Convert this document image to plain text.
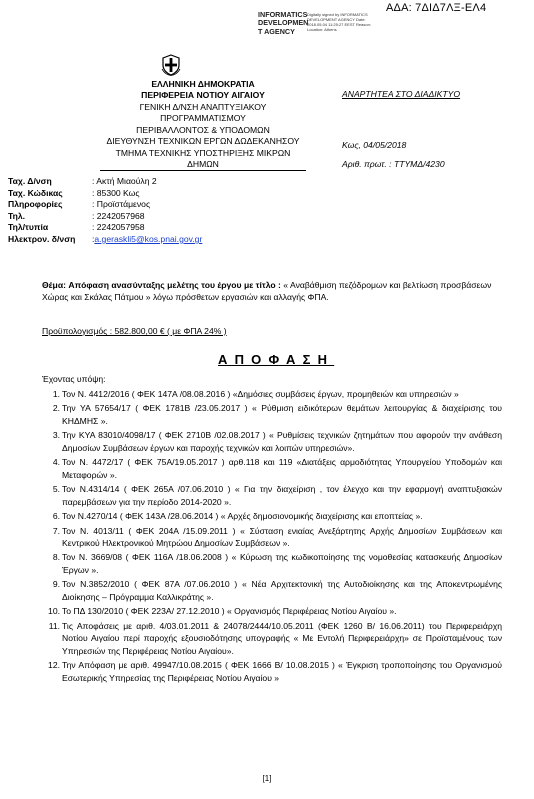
ΑΔΑ: 7ΔΙΔ7ΛΞ-ΕΛ4
INFORMATICS DEVELOPMEN T AGENCY
Digitally signed by INFORMATICS DEVELOPMENT AGENCY Date: 2018.05.04 11:25:27 EEST Reason: Location: Athens
ΕΛΛΗΝΙΚΗ ΔΗΜΟΚΡΑΤΙΑ
ΠΕΡΙΦΕΡΕΙΑ ΝΟΤΙΟΥ ΑΙΓΑΙΟΥ
ΓΕΝΙΚΗ Δ/ΝΣΗ ΑΝΑΠΤΥΞΙΑΚΟΥ ΠΡΟΓΡΑΜΜΑΤΙΣΜΟΥ
ΠΕΡΙΒΑΛΛΟΝΤΟΣ & ΥΠΟΔΟΜΩΝ
ΔΙΕΥΘΥΝΣΗ ΤΕΧΝΙΚΩΝ ΕΡΓΩΝ ΔΩΔΕΚΑΝΗΣΟΥ
ΤΜΗΜΑ ΤΕΧΝΙΚΗΣ ΥΠΟΣΤΗΡΙΞΗΣ ΜΙΚΡΩΝ ΔΗΜΩΝ
ΑΝΑΡΤΗΤΕΑ ΣΤΟ ΔΙΑΔΙΚΤΥΟ
Κως, 04/05/2018
Αριθ. πρωτ. : ΤΤΥΜΔ/4230
Ταχ. Δ/νση	: Ακτή Μιαούλη 2
Ταχ. Κώδικας	: 85300 Κως
Πληροφορίες	: Προϊστάμενος
Τηλ.	: 2242057968
Τηλ/τυπία	: 2242057958
Ηλεκτρον. δ/νση	: a.geraskli5@kos.pnai.gov.gr
Θέμα: Απόφαση ανασύνταξης μελέτης του έργου με τίτλο : « Αναβάθμιση πεζόδρομων και βελτίωση προσβάσεων Χώρας και Σκάλας Πάτμου » λόγω πρόσθετων εργασιών και αλλαγής ΦΠΑ.
Προϋπολογισμός : 582.800,00 € ( με ΦΠΑ 24% )
ΑΠΟΦΑΣΗ
Έχοντας υπόψη:
1. Τον Ν. 4412/2016 ( ΦΕΚ 147Α /08.08.2016 ) «Δημόσιες συμβάσεις έργων, προμηθειών και υπηρεσιών »
2. Την ΥΑ 57654/17 ( ΦΕΚ 1781Β /23.05.2017 ) « Ρύθμιση ειδικότερων θεμάτων λειτουργίας & διαχείρισης του ΚΗΔΜΗΣ ».
3. Την ΚΥΑ 83010/4098/17 ( ΦΕΚ 2710Β /02.08.2017 ) « Ρυθμίσεις τεχνικών ζητημάτων που αφορούν την ανάθεση Δημοσίων Συμβάσεων έργων και παροχής τεχνικών και λοιπών υπηρεσιών».
4. Τον Ν. 4472/17 ( ΦΕΚ 75Α/19.05.2017 ) αρθ.118 και 119 «Διατάξεις αρμοδιότητας Υπουργείου Υποδομών και Μεταφορών ».
5. Τον Ν.4314/14 ( ΦΕΚ 265Α /07.06.2010 ) « Για την διαχείριση , τον έλεγχο και την εφαρμογή αναπτυξιακών παρεμβάσεων για την περίοδο 2014-2020 ».
6. Τον Ν.4270/14 ( ΦΕΚ 143Α /28.06.2014 ) « Αρχές δημοσιονομικής διαχείρισης και εποπτείας ».
7. Τον Ν. 4013/11 ( ΦΕΚ 204Α /15.09.2011 ) « Σύσταση ενιαίας Ανεξάρτητης Αρχής Δημοσίων Συμβάσεων και Κεντρικού Ηλεκτρονικού Μητρώου Δημοσίων Συμβάσεων ».
8. Τον Ν. 3669/08 ( ΦΕΚ 116Α /18.06.2008 ) « Κύρωση της κωδικοποίησης της νομοθεσίας κατασκευής Δημοσίων Έργων ».
9. Τον Ν.3852/2010 ( ΦΕΚ 87Α /07.06.2010 ) « Νέα Αρχιτεκτονική της Αυτοδιοίκησης και της Αποκεντρωμένης Διοίκησης – Πρόγραμμα Καλλικράτης ».
10. Το ΠΔ 130/2010 ( ΦΕΚ 223Α/ 27.12.2010 ) « Οργανισμός Περιφέρειας Νοτίου Αιγαίου ».
11. Τις Αποφάσεις με αριθ. 4/03.01.2011 & 24078/2444/10.05.2011 (ΦΕΚ 1260 Β/ 16.06.2011) του Περιφερειάρχη Νοτίου Αιγαίου περί παροχής εξουσιοδότησης υπογραφής « Με Εντολή Περιφερειάρχη» σε Προϊσταμένους των Υπηρεσιών της Περιφέρειας Νοτίου Αιγαίου».
12. Την Απόφαση με αριθ. 49947/10.08.2015 ( ΦΕΚ 1666 Β/ 10.08.2015 ) « Έγκριση τροποποίησης του Οργανισμού Εσωτερικής Υπηρεσίας της Περιφέρειας Νοτίου Αιγαίου »
[1]
